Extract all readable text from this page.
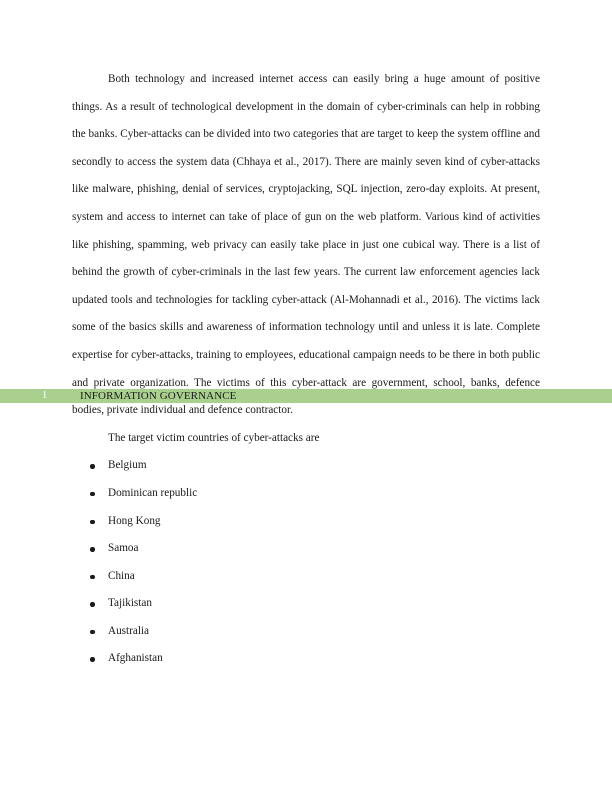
Both technology and increased internet access can easily bring a huge amount of positive things. As a result of technological development in the domain of cyber-criminals can help in robbing the banks. Cyber-attacks can be divided into two categories that are target to keep the system offline and secondly to access the system data (Chhaya et al., 2017). There are mainly seven kind of cyber-attacks like malware, phishing, denial of services, cryptojacking, SQL injection, zero-day exploits. At present, system and access to internet can take of place of gun on the web platform. Various kind of activities like phishing, spamming, web privacy can easily take place in just one cubical way. There is a list of behind the growth of cyber-criminals in the last few years. The current law enforcement agencies lack updated tools and technologies for tackling cyber-attack (Al-Mohannadi et al., 2016). The victims lack some of the basics skills and awareness of information technology until and unless it is late. Complete expertise for cyber-attacks, training to employees, educational campaign needs to be there in both public and private organization. The victims of this cyber-attack are government, school, banks, defence bodies, private individual and defence contractor.

The target victim countries of cyber-attacks are

Belgium
Dominican republic
Hong Kong
Samoa
China
Tajikistan
Australia
Afghanistan
1	INFORMATION GOVERNANCE
